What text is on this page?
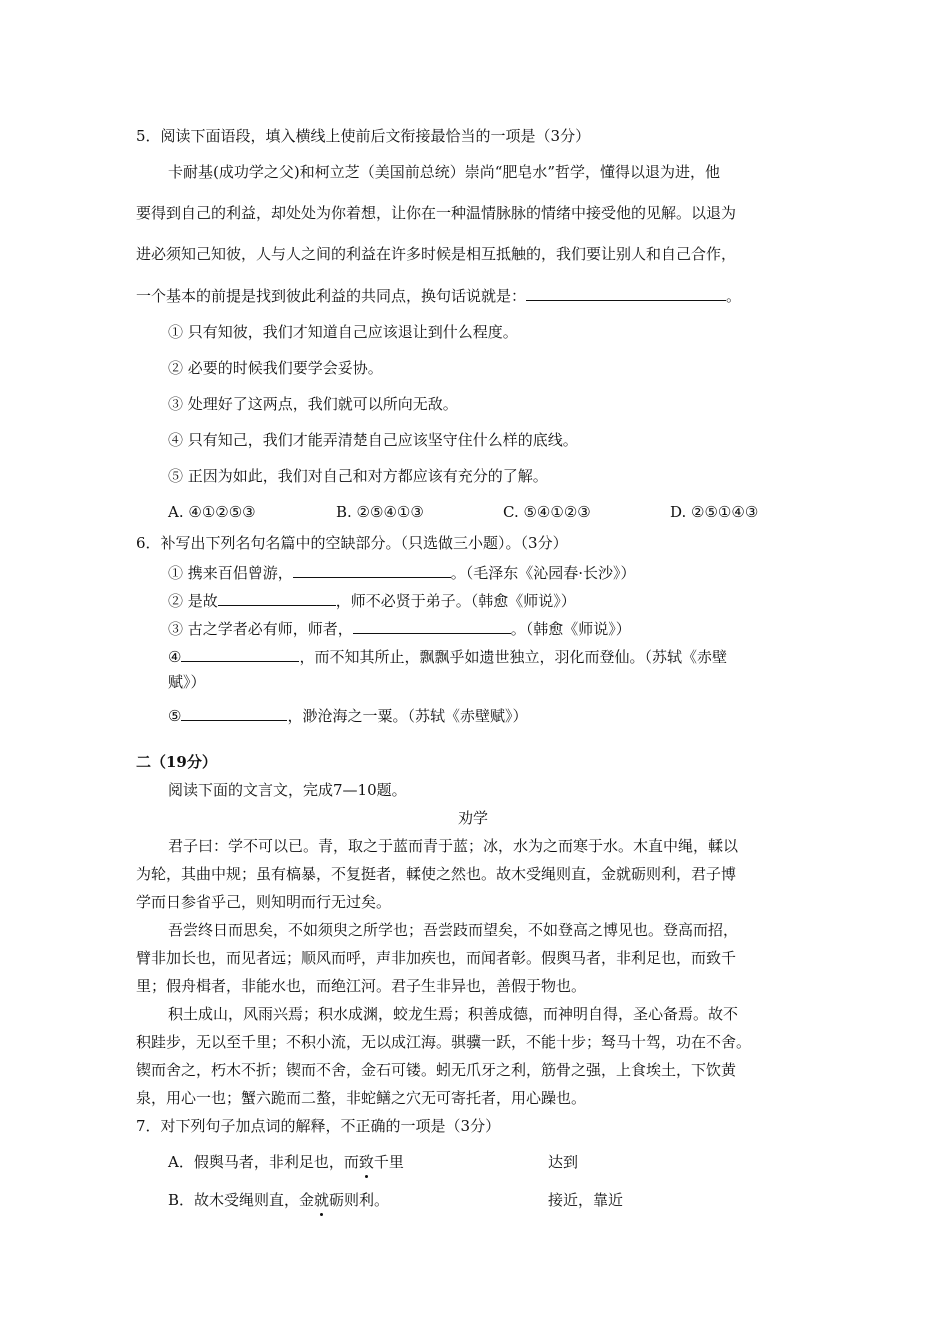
5．阅读下面语段，填入横线上使前后文衔接最恰当的一项是（3分）
卡耐基(成功学之父)和柯立芝（美国前总统）崇尚“肥皂水”哲学，懂得以退为进，他
要得到自己的利益，却处处为你着想，让你在一种温情脉脉的情绪中接受他的见解。以退为
进必须知己知彼，人与人之间的利益在许多时候是相互抵触的，我们要让别人和自己合作，
一个基本的前提是找到彼此利益的共同点，换句话说就是：	。
① 只有知彼，我们才知道自己应该退让到什么程度。
② 必要的时候我们要学会妥协。
③ 处理好了这两点，我们就可以所向无敌。
④ 只有知己，我们才能弄清楚自己应该坚守住什么样的底线。
⑤ 正因为如此，我们对自己和对方都应该有充分的了解。
A. ④①②⑤③	B. ②⑤④①③	C. ⑤④①②③	D. ②⑤①④③
6．补写出下列名句名篇中的空缺部分。（只选做三小题）。（3分）
① 携来百侣曾游，	。（毛泽东《沁园春·长沙》）
② 是故	，师不必贤于弟子。（韩愈《师说》）
③ 古之学者必有师，师者，	。（韩愈《师说》）
④	，而不知其所止，飘飘乎如遗世独立，羽化而登仙。（苏轼《赤壁
赋》）
⑤	，渺沧海之一粟。（苏轼《赤壁赋》）
二（19分）
阅读下面的文言文，完成7—10题。
劝学
君子曰：学不可以已。青，取之于蓝而青于蓝；冰，水为之而寒于水。木直中绳，輮以
为轮，其曲中规；虽有槁暴，不复挺者，輮使之然也。故木受绳则直，金就砺则利，君子博
学而日参省乎己，则知明而行无过矣。
吾尝终日而思矣，不如须臾之所学也；吾尝跂而望矣，不如登高之博见也。登高而招，
臂非加长也，而见者远；顺风而呼，声非加疾也，而闻者彰。假舆马者，非利足也，而致千
里；假舟楫者，非能水也，而绝江河。君子生非异也，善假于物也。
积土成山，风雨兴焉；积水成渊，蛟龙生焉；积善成德，而神明自得，圣心备焉。故不
积跬步，无以至千里；不积小流，无以成江海。骐骥一跃，不能十步；驽马十驾，功在不舍。
锲而舍之，朽木不折；锲而不舍，金石可镂。蚓无爪牙之利，筋骨之强，上食埃土，下饮黄
泉，用心一也；蟹六跪而二螯，非蛇鳝之穴无可寄托者，用心躁也。
7．对下列句子加点词的解释，不正确的一项是（3分）
A．假舆马者，非利足也，而致
千里	达到
B．故木受绳则直，金就
砺则利。	接近，靠近
